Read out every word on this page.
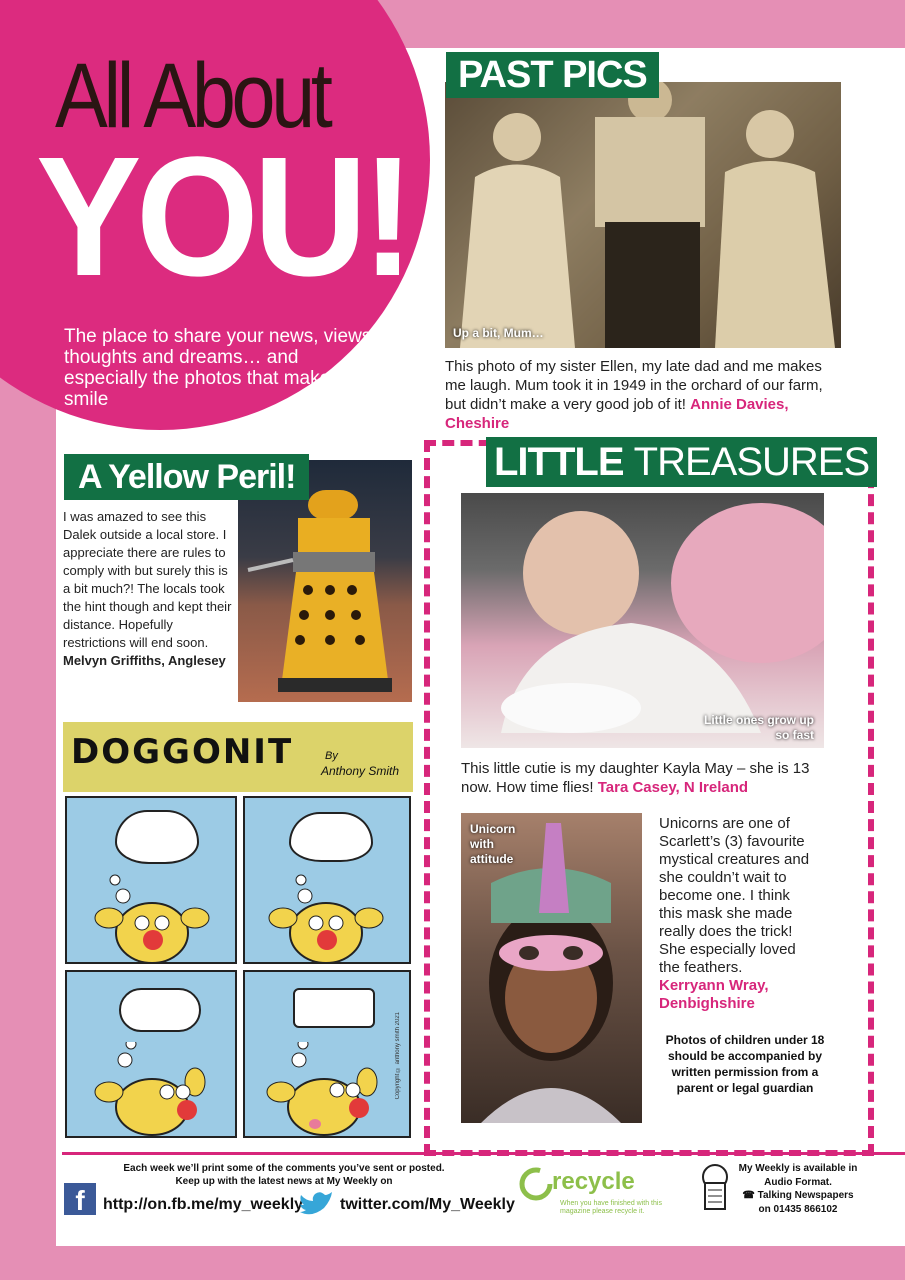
All About
YOU!
The place to share your news, views, thoughts and dreams… and especially the photos that make you smile
PAST PICS
Up a bit, Mum…
This photo of my sister Ellen, my late dad and me makes me laugh. Mum took it in 1949 in the orchard of our farm, but didn’t make a very good job of it! Annie Davies, Cheshire
A Yellow Peril!
I was amazed to see this Dalek outside a local store. I appreciate there are rules to comply with but surely this is a bit much?! The locals took the hint though and kept their distance. Hopefully restrictions will end soon.
Melvyn Griffiths, Anglesey
DOGGONIT	By
Anthony Smith
Copyright © anthony smith 2021
LITTLE TREASURES
Little ones grow up so fast
This little cutie is my daughter Kayla May – she is 13 now. How time flies! Tara Casey, N Ireland
Unicorn with attitude
Unicorns are one of Scarlett’s (3) favourite mystical creatures and she couldn’t wait to become one. I think this mask she made really does the trick! She especially loved the feathers.
Kerryann Wray, Denbighshire
Photos of children under 18 should be accompanied by written permission from a parent or legal guardian
Each week we’ll print some of the comments you’ve sent or posted.
Keep up with the latest news at My Weekly on
f	http://on.fb.me/my_weekly twitter.com/My_Weekly
recycle
When you have finished with this magazine please recycle it.
My Weekly is available in Audio Format.
☎ Talking Newspapers
on 01435 866102
